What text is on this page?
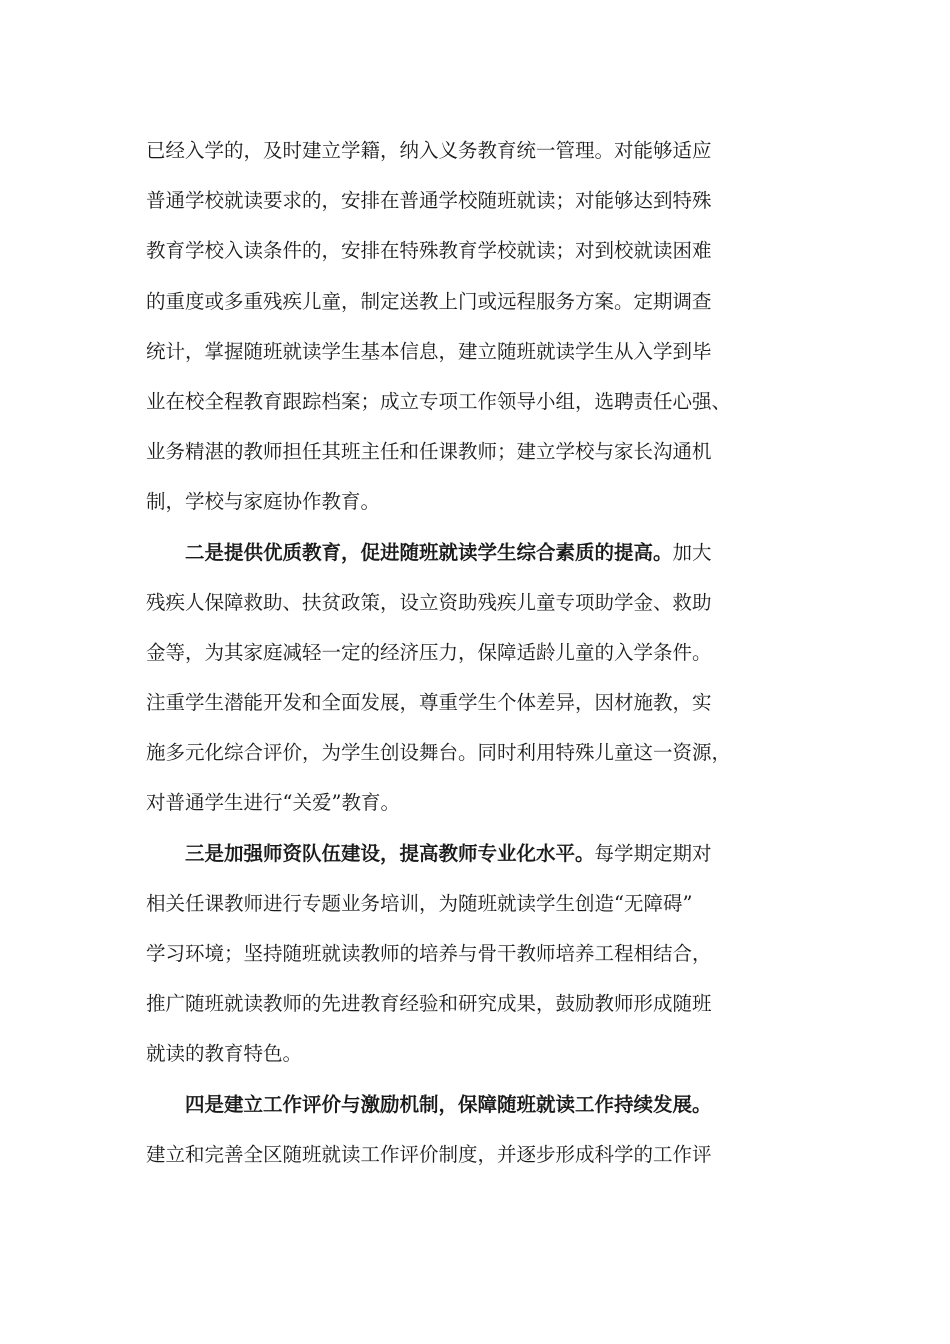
已经入学的，及时建立学籍，纳入义务教育统一管理。对能够适应
普通学校就读要求的，安排在普通学校随班就读；对能够达到特殊
教育学校入读条件的，安排在特殊教育学校就读；对到校就读困难
的重度或多重残疾儿童，制定送教上门或远程服务方案。定期调查
统计，掌握随班就读学生基本信息，建立随班就读学生从入学到毕
业在校全程教育跟踪档案；成立专项工作领导小组，选聘责任心强、
业务精湛的教师担任其班主任和任课教师；建立学校与家长沟通机
制，学校与家庭协作教育。
二是提供优质教育，促进随班就读学生综合素质的提高。加大
残疾人保障救助、扶贫政策，设立资助残疾儿童专项助学金、救助
金等，为其家庭减轻一定的经济压力，保障适龄儿童的入学条件。
注重学生潜能开发和全面发展，尊重学生个体差异，因材施教，实
施多元化综合评价，为学生创设舞台。同时利用特殊儿童这一资源，
对普通学生进行“关爱”教育。
三是加强师资队伍建设，提高教师专业化水平。每学期定期对
相关任课教师进行专题业务培训，为随班就读学生创造“无障碍”
学习环境；坚持随班就读教师的培养与骨干教师培养工程相结合，
推广随班就读教师的先进教育经验和研究成果，鼓励教师形成随班
就读的教育特色。
四是建立工作评价与激励机制，保障随班就读工作持续发展。
建立和完善全区随班就读工作评价制度，并逐步形成科学的工作评
